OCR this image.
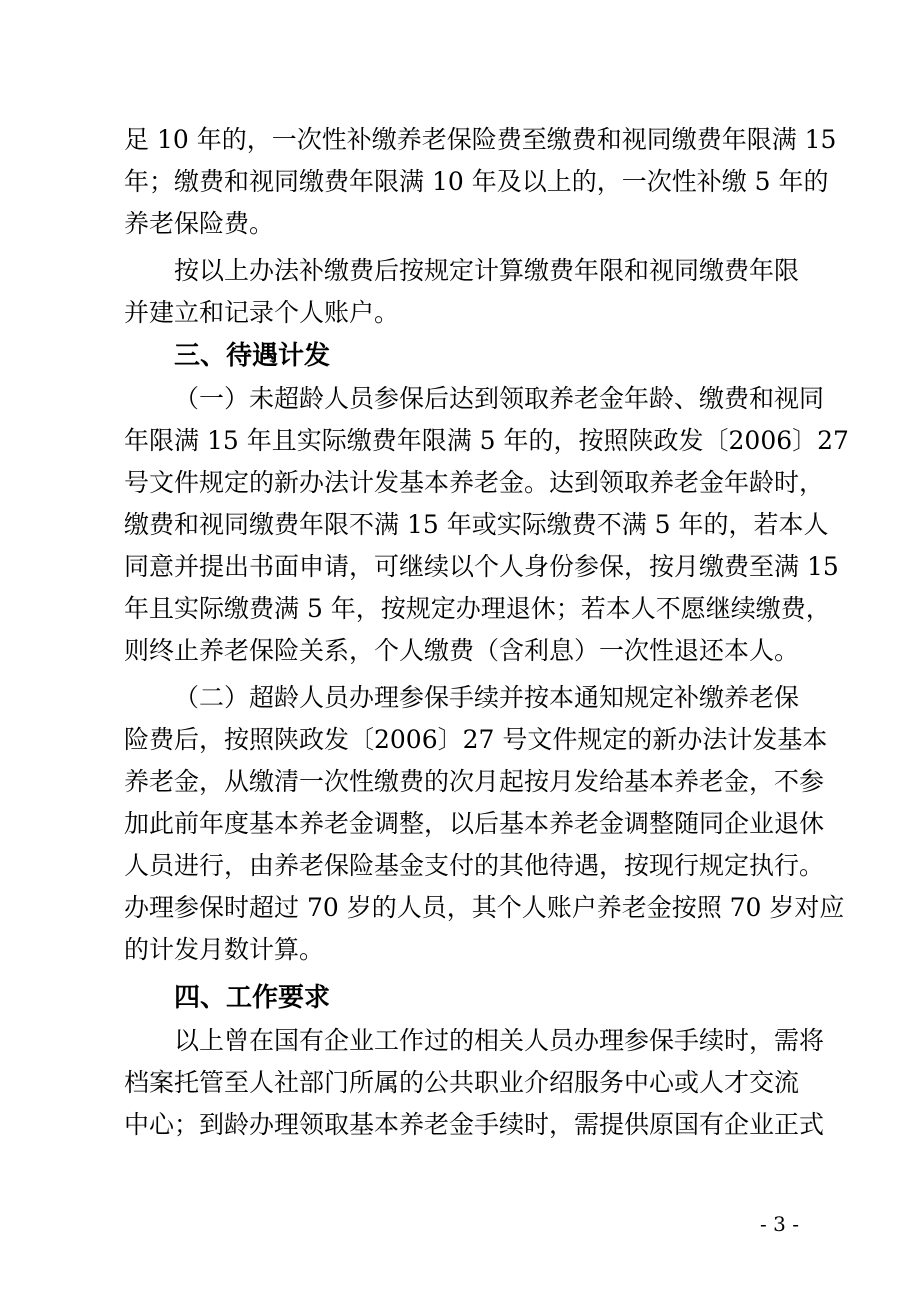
足 10 年的，一次性补缴养老保险费至缴费和视同缴费年限满 15
年；缴费和视同缴费年限满 10 年及以上的，一次性补缴 5 年的
养老保险费。
按以上办法补缴费后按规定计算缴费年限和视同缴费年限
并建立和记录个人账户。
三、待遇计发
（一）未超龄人员参保后达到领取养老金年龄、缴费和视同
年限满 15 年且实际缴费年限满 5 年的，按照陕政发〔2006〕27
号文件规定的新办法计发基本养老金。达到领取养老金年龄时，
缴费和视同缴费年限不满 15 年或实际缴费不满 5 年的，若本人
同意并提出书面申请，可继续以个人身份参保，按月缴费至满 15
年且实际缴费满 5 年，按规定办理退休；若本人不愿继续缴费，
则终止养老保险关系，个人缴费（含利息）一次性退还本人。
（二）超龄人员办理参保手续并按本通知规定补缴养老保
险费后，按照陕政发〔2006〕27 号文件规定的新办法计发基本
养老金，从缴清一次性缴费的次月起按月发给基本养老金，不参
加此前年度基本养老金调整，以后基本养老金调整随同企业退休
人员进行，由养老保险基金支付的其他待遇，按现行规定执行。
办理参保时超过 70 岁的人员，其个人账户养老金按照 70 岁对应
的计发月数计算。
四、工作要求
以上曾在国有企业工作过的相关人员办理参保手续时，需将
档案托管至人社部门所属的公共职业介绍服务中心或人才交流
中心；到龄办理领取基本养老金手续时，需提供原国有企业正式
- 3 -
